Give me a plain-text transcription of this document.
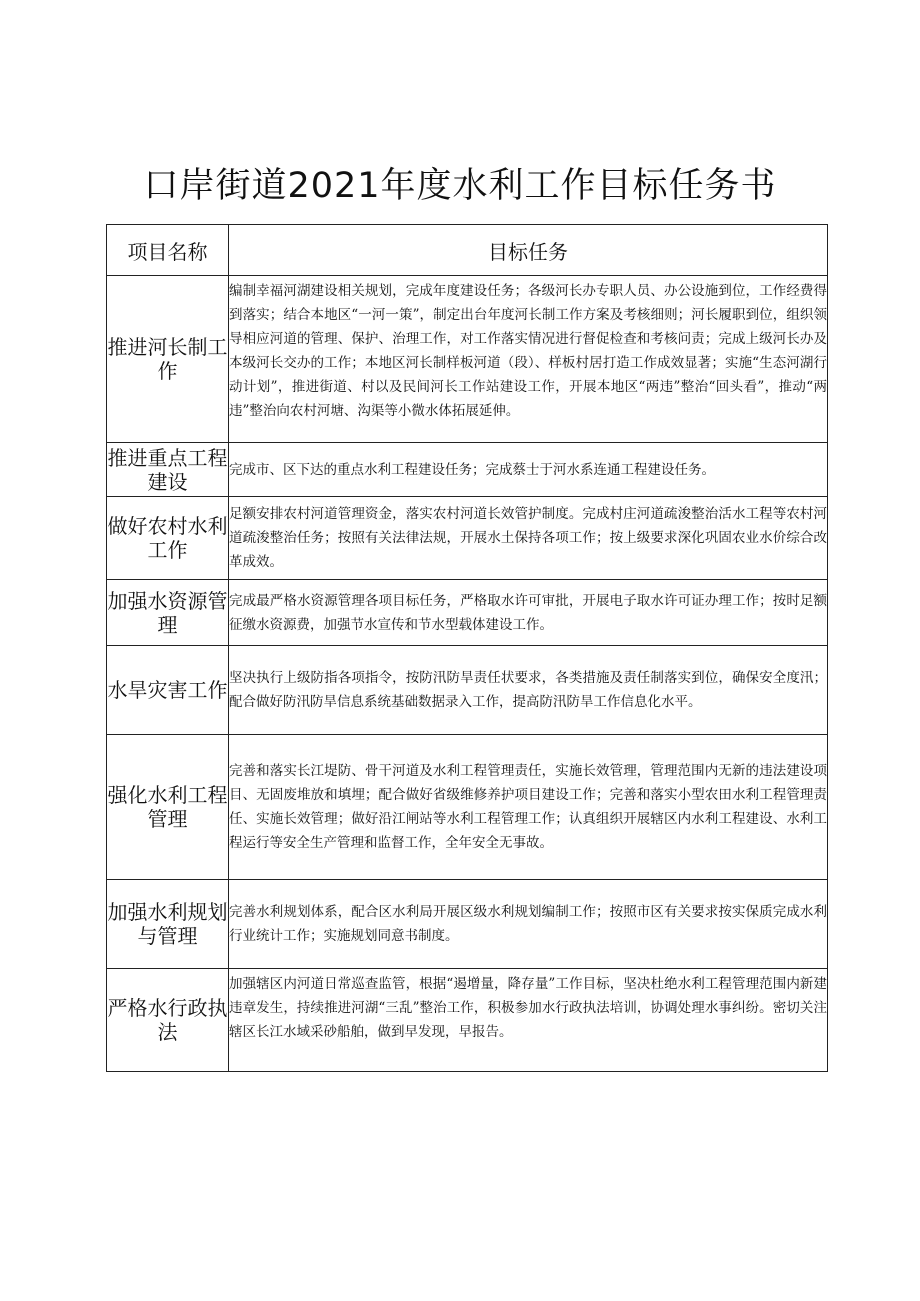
口岸街道2021年度水利工作目标任务书
项目名称	目标任务
推进河长制工作	编制幸福河湖建设相关规划，完成年度建设任务；各级河长办专职人员、办公设施到位，工作经费得到落实；结合本地区“一河一策”，制定出台年度河长制工作方案及考核细则；河长履职到位，组织领导相应河道的管理、保护、治理工作，对工作落实情况进行督促检查和考核问责；完成上级河长办及本级河长交办的工作；本地区河长制样板河道（段）、样板村居打造工作成效显著；实施“生态河湖行动计划”，推进街道、村以及民间河长工作站建设工作，开展本地区“两违”整治“回头看”，推动“两违”整治向农村河塘、沟渠等小微水体拓展延伸。
推进重点工程建设	完成市、区下达的重点水利工程建设任务；完成蔡士于河水系连通工程建设任务。
做好农村水利工作	足额安排农村河道管理资金，落实农村河道长效管护制度。完成村庄河道疏浚整治活水工程等农村河道疏浚整治任务；按照有关法律法规，开展水土保持各项工作；按上级要求深化巩固农业水价综合改革成效。
加强水资源管理	完成最严格水资源管理各项目标任务，严格取水许可审批，开展电子取水许可证办理工作；按时足额征缴水资源费，加强节水宣传和节水型载体建设工作。
水旱灾害工作	坚决执行上级防指各项指令，按防汛防旱责任状要求，各类措施及责任制落实到位，确保安全度汛；配合做好防汛防旱信息系统基础数据录入工作，提高防汛防旱工作信息化水平。
强化水利工程管理	完善和落实长江堤防、骨干河道及水利工程管理责任，实施长效管理，管理范围内无新的违法建设项目、无固废堆放和填埋；配合做好省级维修养护项目建设工作；完善和落实小型农田水利工程管理责任、实施长效管理；做好沿江闸站等水利工程管理工作；认真组织开展辖区内水利工程建设、水利工程运行等安全生产管理和监督工作，全年安全无事故。
加强水利规划与管理	完善水利规划体系，配合区水利局开展区级水利规划编制工作；按照市区有关要求按实保质完成水利行业统计工作；实施规划同意书制度。
严格水行政执法	加强辖区内河道日常巡查监管，根据“遏增量，降存量”工作目标，坚决杜绝水利工程管理范围内新建违章发生，持续推进河湖“三乱”整治工作，积极参加水行政执法培训，协调处理水事纠纷。密切关注辖区长江水域采砂船舶，做到早发现，早报告。
